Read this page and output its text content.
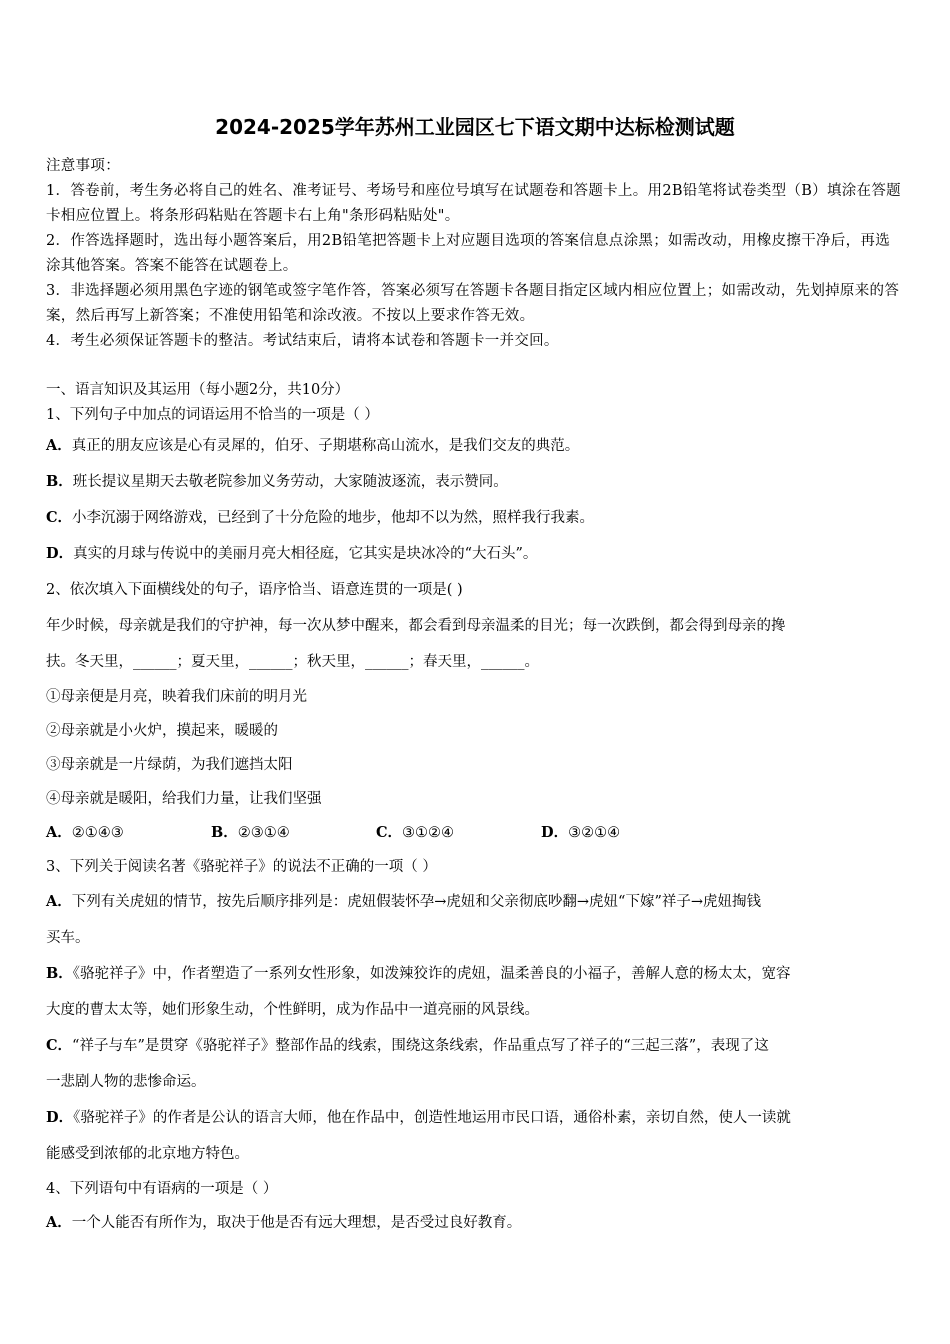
2024-2025学年苏州工业园区七下语文期中达标检测试题

注意事项：

1．答卷前，考生务必将自己的姓名、准考证号、考场号和座位号填写在试题卷和答题卡上。用2B铅笔将试卷类型（B）填涂在答题卡相应位置上。将条形码粘贴在答题卡右上角"条形码粘贴处"。

2．作答选择题时，选出每小题答案后，用2B铅笔把答题卡上对应题目选项的答案信息点涂黑；如需改动，用橡皮擦干净后，再选涂其他答案。答案不能答在试题卷上。

3．非选择题必须用黑色字迹的钢笔或签字笔作答，答案必须写在答题卡各题目指定区域内相应位置上；如需改动，先划掉原来的答案，然后再写上新答案；不准使用铅笔和涂改液。不按以上要求作答无效。

4．考生必须保证答题卡的整洁。考试结束后，请将本试卷和答题卡一并交回。

一、语言知识及其运用（每小题2分，共10分）

1、下列句子中加点的词语运用不恰当的一项是（ ）

A．真正的朋友应该是心有灵犀的，伯牙、子期堪称高山流水，是我们交友的典范。

B．班长提议星期天去敬老院参加义务劳动，大家随波逐流，表示赞同。

C．小李沉溺于网络游戏，已经到了十分危险的地步，他却不以为然，照样我行我素。

D．真实的月球与传说中的美丽月亮大相径庭，它其实是块冰冷的“大石头”。

2、依次填入下面横线处的句子，语序恰当、语意连贯的一项是( )

年少时候，母亲就是我们的守护神，每一次从梦中醒来，都会看到母亲温柔的目光；每一次跌倒，都会得到母亲的搀

扶。冬天里，______；夏天里，______；秋天里，______；春天里，______。

①母亲便是月亮，映着我们床前的明月光

②母亲就是小火炉，摸起来，暖暖的

③母亲就是一片绿荫，为我们遮挡太阳

④母亲就是暖阳，给我们力量，让我们坚强

A．②①④③	B．②③①④	C．③①②④	D．③②①④

3、下列关于阅读名著《骆驼祥子》的说法不正确的一项（ ）

A．下列有关虎妞的情节，按先后顺序排列是：虎妞假装怀孕→虎妞和父亲彻底吵翻→虎妞“下嫁”祥子→虎妞掏钱

买车。

B．《骆驼祥子》中，作者塑造了一系列女性形象，如泼辣狡诈的虎妞，温柔善良的小福子，善解人意的杨太太，宽容

大度的曹太太等，她们形象生动，个性鲜明，成为作品中一道亮丽的风景线。

C．“祥子与车”是贯穿《骆驼祥子》整部作品的线索，围绕这条线索，作品重点写了祥子的“三起三落”，表现了这

一悲剧人物的悲惨命运。

D．《骆驼祥子》的作者是公认的语言大师，他在作品中，创造性地运用市民口语，通俗朴素，亲切自然，使人一读就

能感受到浓郁的北京地方特色。

4、下列语句中有语病的一项是（ ）

A．一个人能否有所作为，取决于他是否有远大理想，是否受过良好教育。
